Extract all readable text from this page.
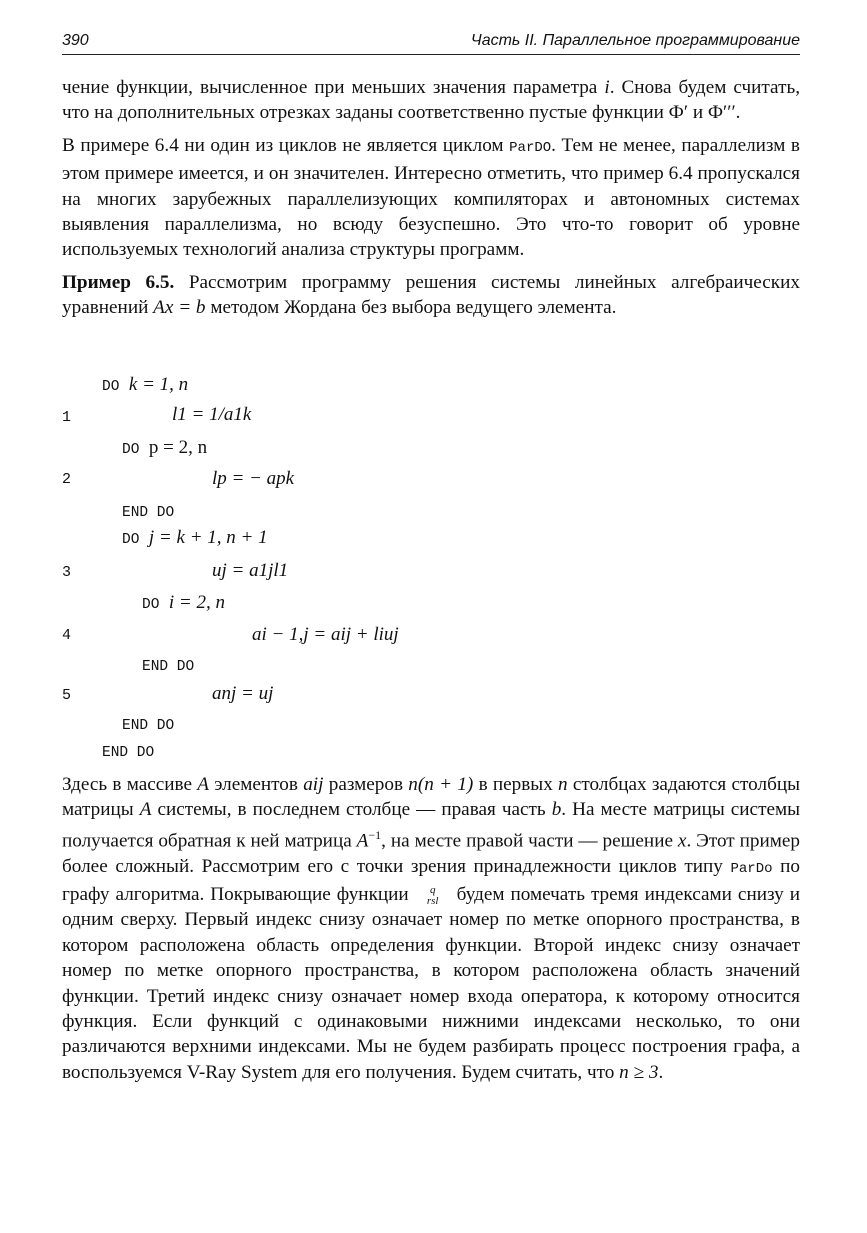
390	Часть II. Параллельное программирование

чение функции, вычисленное при меньших значения параметра i. Снова будем считать, что на дополнительных отрезках заданы соответственно пустые функции Ф′ и Ф′′′.

В примере 6.4 ни один из циклов не является циклом ParDO. Тем не менее, параллелизм в этом примере имеется, и он значителен. Интересно отметить, что пример 6.4 пропускался на многих зарубежных параллелизующих компиляторах и автономных системах выявления параллелизма, но всюду безуспешно. Это что-то говорит об уровне используемых технологий анализа структуры программ.

Пример 6.5. Рассмотрим программу решения системы линейных алгебраических уравнений Ax = b методом Жордана без выбора ведущего элемента.

DO k = 1, n
1	l1 = 1/a1k
DO p = 2, n
2	lp = − apk
END DO
DO j = k + 1, n + 1
3	uj = a1jl1
DO i = 2, n
4	ai − 1,j = aij + liuj
END DO
5	anj = uj
END DO
END DO

Здесь в массиве A элементов aij размеров n(n + 1) в первых n столбцах задаются столбцы матрицы A системы, в последнем столбце — правая часть b. На месте матрицы системы получается обратная к ней матрица $A^{-1}$, на месте правой части — решение x. Этот пример более сложный. Рассмотрим его с точки зрения принадлежности циклов типу ParDo по графу алгоритма. Покрывающие функции q
rsl будем помечать тремя индексами снизу и одним сверху. Первый индекс снизу означает номер по метке опорного пространства, в котором расположена область определения функции. Второй индекс снизу означает номер по метке опорного пространства, в котором расположена область значений функции. Третий индекс снизу означает номер входа оператора, к которому относится функция. Если функций с одинаковыми нижними индексами несколько, то они различаются верхними индексами. Мы не будем разбирать процесс построения графа, а воспользуемся V-Ray System для его получения. Будем считать, что n ≥ 3.
